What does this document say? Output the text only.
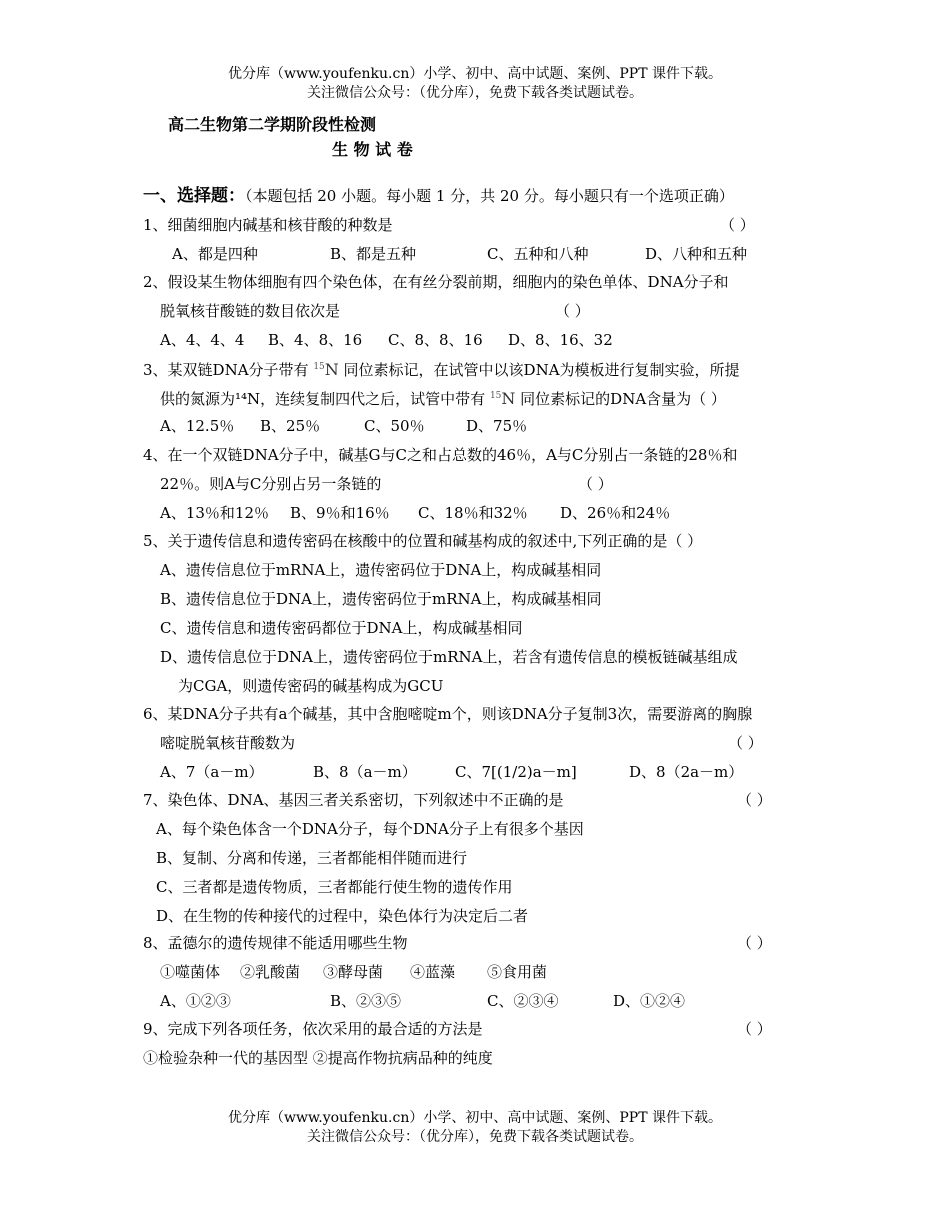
优分库（www.youfenku.cn）小学、初中、高中试题、案例、PPT 课件下载。
关注微信公众号：（优分库），免费下载各类试题试卷。
高二生物第二学期阶段性检测
生 物 试 卷
一、选择题：（本题包括 20 小题。每小题 1 分，共 20 分。每小题只有一个选项正确）
1、细菌细胞内碱基和核苷酸的种数是	（ ）
A、都是四种	B、都是五种	C、五种和八种	D、八种和五种
2、假设某生物体细胞有四个染色体，在有丝分裂前期，细胞内的染色单体、DNA分子和
脱氧核苷酸链的数目依次是	（ ）
A、4、4、4 B、4、8、16 C、8、8、16 D、8、16、32
3、某双链DNA分子带有 $^{15}$N 同位素标记，在试管中以该DNA为模板进行复制实验，所提
供的氮源为¹⁴N，连续复制四代之后，试管中带有 $^{15}$N 同位素标记的DNA含量为（ ）
A、12.5％ B、25％	C、50％	D、75％
4、在一个双链DNA分子中，碱基G与C之和占总数的46％，A与C分别占一条链的28％和
22％。则A与C分别占另一条链的	（ ）
A、13％和12％ B、9％和16％ C、18％和32％ D、26％和24％
5、关于遗传信息和遗传密码在核酸中的位置和碱基构成的叙述中,下列正确的是（ ）
A、遗传信息位于mRNA上，遗传密码位于DNA上，构成碱基相同
B、遗传信息位于DNA上，遗传密码位于mRNA上，构成碱基相同
C、遗传信息和遗传密码都位于DNA上，构成碱基相同
D、遗传信息位于DNA上，遗传密码位于mRNA上，若含有遗传信息的模板链碱基组成
为CGA，则遗传密码的碱基构成为GCU
6、某DNA分子共有a个碱基，其中含胞嘧啶m个，则该DNA分子复制3次，需要游离的胸腺
嘧啶脱氧核苷酸数为	（ ）
A、7（a－m）	B、8（a－m）	C、7[(1/2)a－m]	D、8（2a－m）
7、染色体、DNA、基因三者关系密切，下列叙述中不正确的是	（ ）
A、每个染色体含一个DNA分子，每个DNA分子上有很多个基因
B、复制、分离和传递，三者都能相伴随而进行
C、三者都是遗传物质，三者都能行使生物的遗传作用
D、在生物的传种接代的过程中，染色体行为决定后二者
8、孟德尔的遗传规律不能适用哪些生物	（ ）
①噬菌体 ②乳酸菌 ③酵母菌 ④蓝藻 ⑤食用菌
A、①②③	B、②③⑤	C、②③④	D、①②④
9、完成下列各项任务，依次采用的最合适的方法是	（ ）
①检验杂种一代的基因型 ②提高作物抗病品种的纯度
优分库（www.youfenku.cn）小学、初中、高中试题、案例、PPT 课件下载。
关注微信公众号：（优分库），免费下载各类试题试卷。
